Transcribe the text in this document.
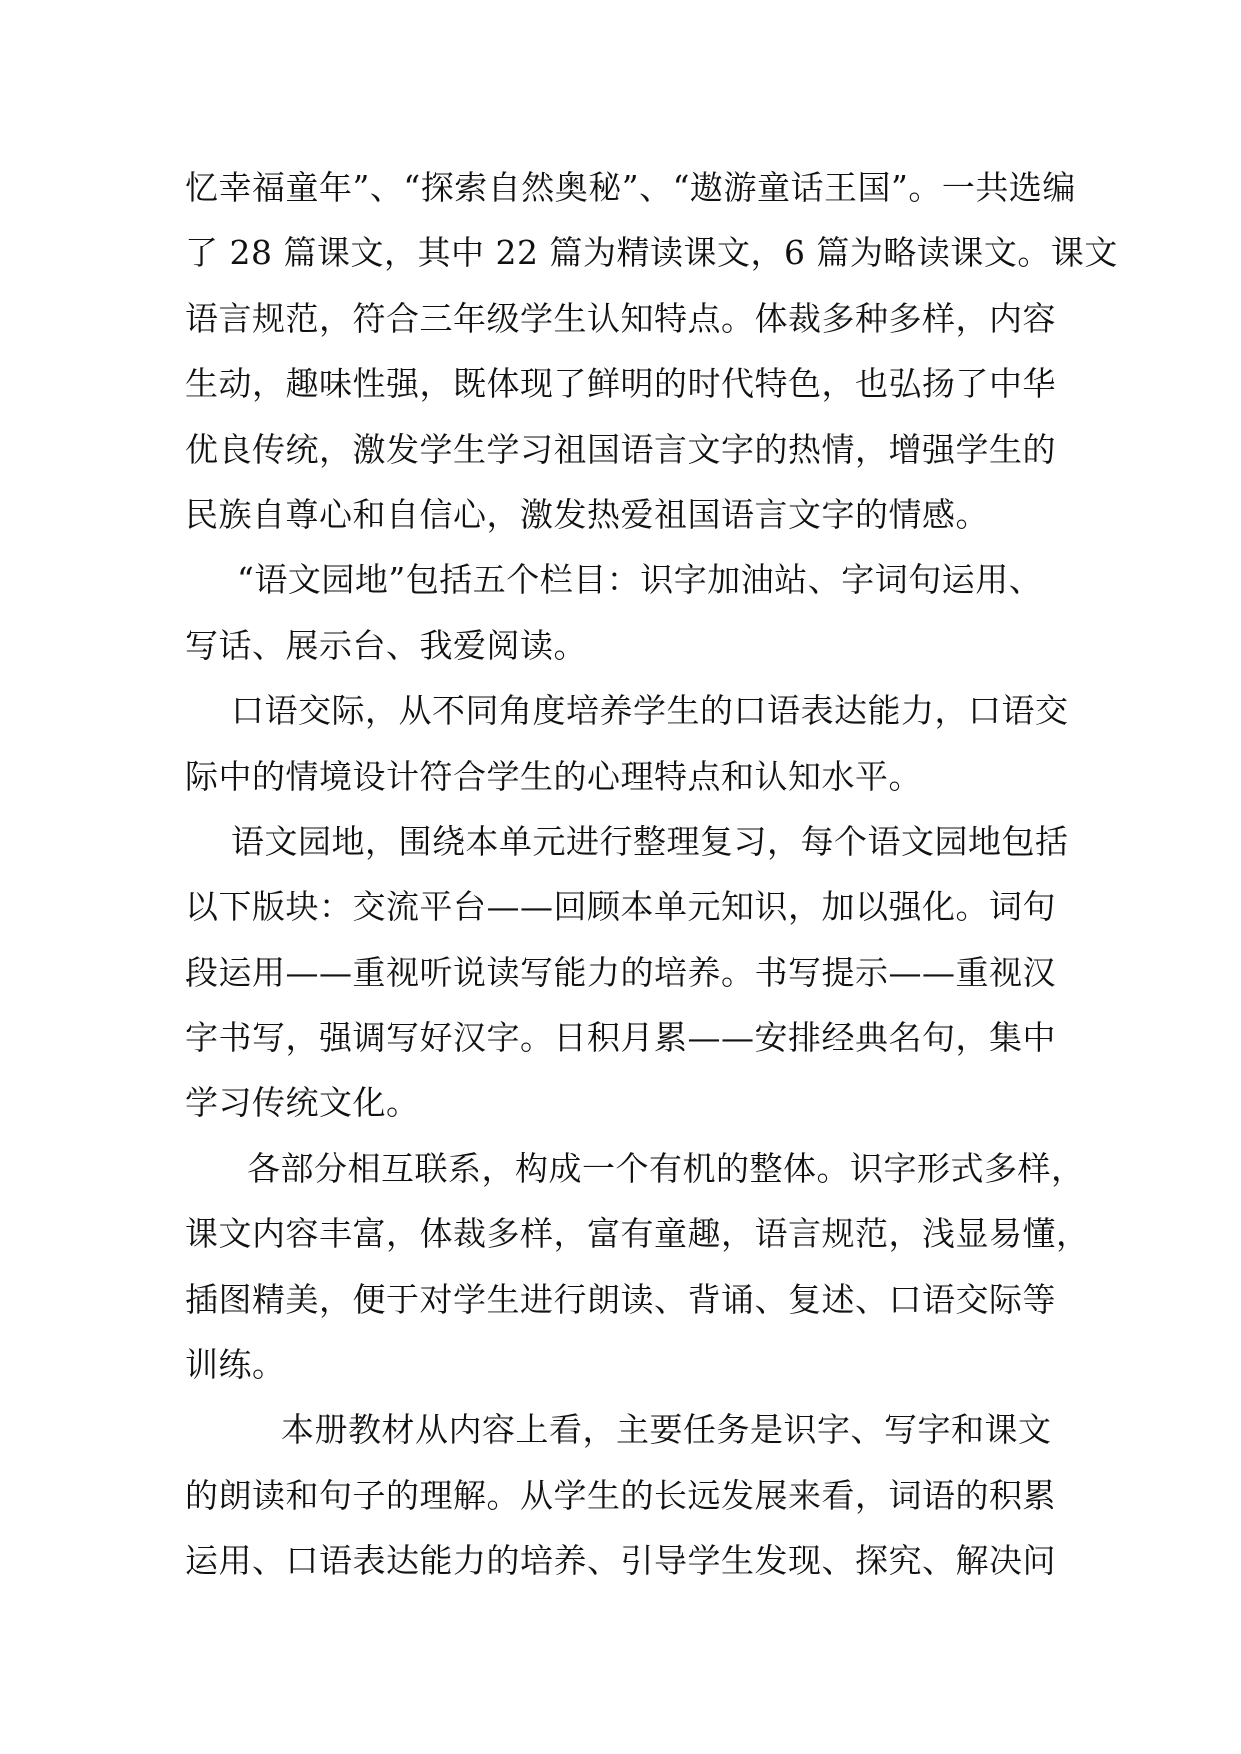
忆幸福童年”、“探索自然奥秘”、“遨游童话王国”。一共选编
了 28 篇课文，其中 22 篇为精读课文，6 篇为略读课文。课文
语言规范，符合三年级学生认知特点。体裁多种多样，内容
生动，趣味性强，既体现了鲜明的时代特色，也弘扬了中华
优良传统，激发学生学习祖国语言文字的热情，增强学生的
民族自尊心和自信心，激发热爱祖国语言文字的情感。
“语文园地”包括五个栏目：识字加油站、字词句运用、
写话、展示台、我爱阅读。
口语交际，从不同角度培养学生的口语表达能力，口语交
际中的情境设计符合学生的心理特点和认知水平。
语文园地，围绕本单元进行整理复习，每个语文园地包括
以下版块：交流平台——回顾本单元知识，加以强化。词句
段运用——重视听说读写能力的培养。书写提示——重视汉
字书写，强调写好汉字。日积月累——安排经典名句，集中
学习传统文化。
各部分相互联系，构成一个有机的整体。识字形式多样，
课文内容丰富，体裁多样，富有童趣，语言规范，浅显易懂，
插图精美，便于对学生进行朗读、背诵、复述、口语交际等
训练。
本册教材从内容上看，主要任务是识字、写字和课文
的朗读和句子的理解。从学生的长远发展来看，词语的积累
运用、口语表达能力的培养、引导学生发现、探究、解决问
